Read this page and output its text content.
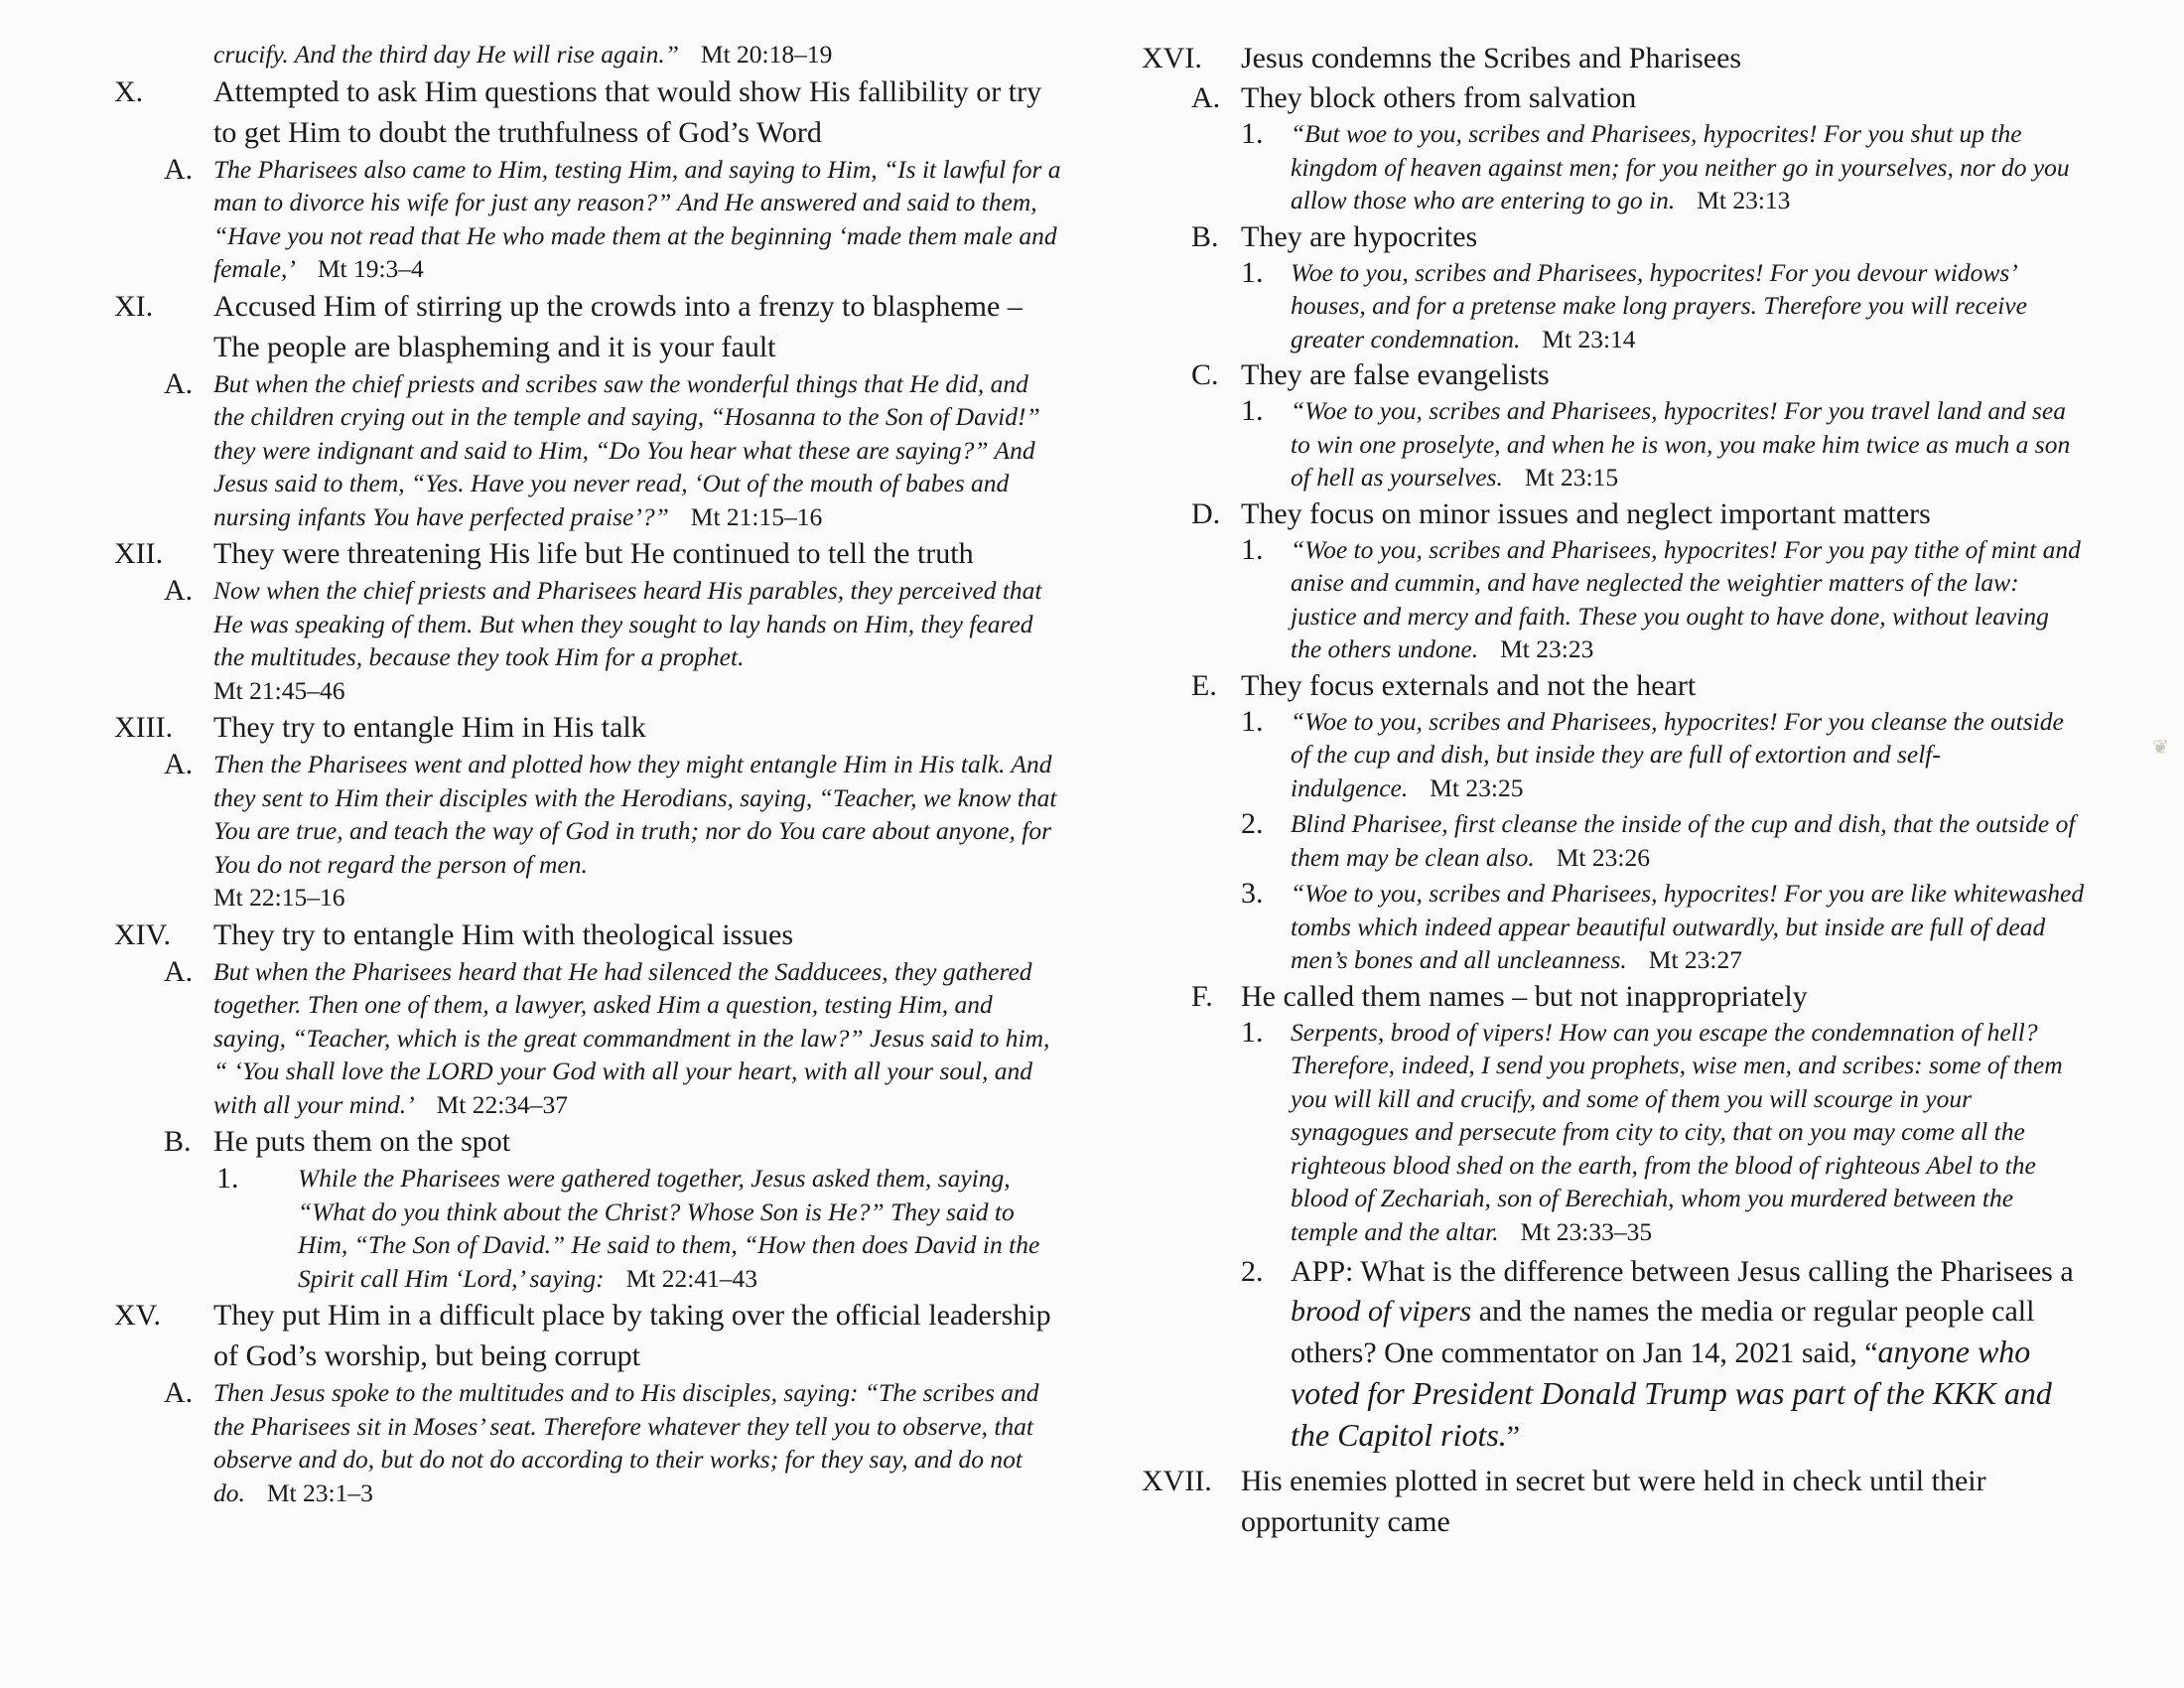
crucify. And the third day He will rise again.” Mt 20:18–19
X.	Attempted to ask Him questions that would show His fallibility or try to get Him to doubt the truthfulness of God’s Word
A. The Pharisees also came to Him, testing Him, and saying to Him, “Is it lawful for a man to divorce his wife for just any reason?” And He answered and said to them, “Have you not read that He who made them at the beginning ‘made them male and female,’ Mt 19:3–4
XI. Accused Him of stirring up the crowds into a frenzy to blaspheme – The people are blaspheming and it is your fault
A. But when the chief priests and scribes saw the wonderful things that He did, and the children crying out in the temple and saying, “Hosanna to the Son of David!” they were indignant and said to Him, “Do You hear what these are saying?” And Jesus said to them, “Yes. Have you never read, ‘Out of the mouth of babes and nursing infants You have perfected praise’?” Mt 21:15–16
XII. They were threatening His life but He continued to tell the truth
A. Now when the chief priests and Pharisees heard His parables, they perceived that He was speaking of them. But when they sought to lay hands on Him, they feared the multitudes, because they took Him for a prophet.
Mt 21:45–46
XIII. They try to entangle Him in His talk
A. Then the Pharisees went and plotted how they might entangle Him in His talk. And they sent to Him their disciples with the Herodians, saying, “Teacher, we know that You are true, and teach the way of God in truth; nor do You care about anyone, for You do not regard the person of men.
Mt 22:15–16
XIV. They try to entangle Him with theological issues
A. But when the Pharisees heard that He had silenced the Sadducees, they gathered together. Then one of them, a lawyer, asked Him a question, testing Him, and saying, “Teacher, which is the great commandment in the law?” Jesus said to him, “ ‘You shall love the LORD your God with all your heart, with all your soul, and with all your mind.’ Mt 22:34–37
B. He puts them on the spot
1. While the Pharisees were gathered together, Jesus asked them, saying, “What do you think about the Christ? Whose Son is He?” They said to Him, “The Son of David.” He said to them, “How then does David in the Spirit call Him ‘Lord,’ saying: Mt 22:41–43
XV. They put Him in a difficult place by taking over the official leadership of God’s worship, but being corrupt
A. Then Jesus spoke to the multitudes and to His disciples, saying: “The scribes and the Pharisees sit in Moses’ seat. Therefore whatever they tell you to observe, that observe and do, but do not do according to their works; for they say, and do not do. Mt 23:1–3
XVI. Jesus condemns the Scribes and Pharisees
A. They block others from salvation
1. “But woe to you, scribes and Pharisees, hypocrites! For you shut up the kingdom of heaven against men; for you neither go in yourselves, nor do you allow those who are entering to go in. Mt 23:13
B. They are hypocrites
1. Woe to you, scribes and Pharisees, hypocrites! For you devour widows’ houses, and for a pretense make long prayers. Therefore you will receive greater condemnation. Mt 23:14
C. They are false evangelists
1. “Woe to you, scribes and Pharisees, hypocrites! For you travel land and sea to win one proselyte, and when he is won, you make him twice as much a son of hell as yourselves. Mt 23:15
D. They focus on minor issues and neglect important matters
1. “Woe to you, scribes and Pharisees, hypocrites! For you pay tithe of mint and anise and cummin, and have neglected the weightier matters of the law: justice and mercy and faith. These you ought to have done, without leaving the others undone. Mt 23:23
E. They focus externals and not the heart
1. “Woe to you, scribes and Pharisees, hypocrites! For you cleanse the outside of the cup and dish, but inside they are full of extortion and self-indulgence. Mt 23:25
2. Blind Pharisee, first cleanse the inside of the cup and dish, that the outside of them may be clean also. Mt 23:26
3. “Woe to you, scribes and Pharisees, hypocrites! For you are like whitewashed tombs which indeed appear beautiful outwardly, but inside are full of dead men’s bones and all uncleanness. Mt 23:27
F. He called them names – but not inappropriately
1. Serpents, brood of vipers! How can you escape the condemnation of hell? Therefore, indeed, I send you prophets, wise men, and scribes: some of them you will kill and crucify, and some of them you will scourge in your synagogues and persecute from city to city, that on you may come all the righteous blood shed on the earth, from the blood of righteous Abel to the blood of Zechariah, son of Berechiah, whom you murdered between the temple and the altar. Mt 23:33–35
2. APP: What is the difference between Jesus calling the Pharisees a brood of vipers and the names the media or regular people call others? One commentator on Jan 14, 2021 said, “anyone who voted for President Donald Trump was part of the KKK and the Capitol riots.”
XVII. His enemies plotted in secret but were held in check until their opportunity came
❦
